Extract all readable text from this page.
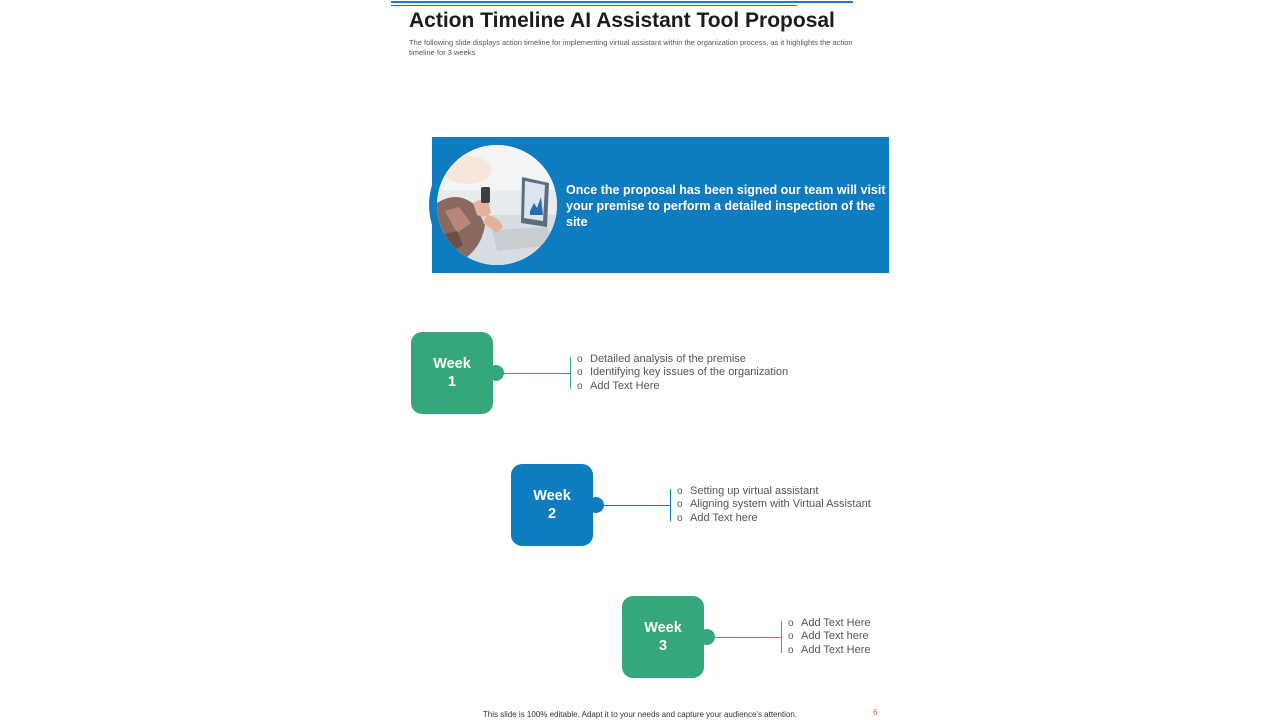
Action Timeline AI Assistant Tool Proposal
The following slide displays action timeline for implementing virtual assistant within the organization process, as it highlights the action timeline for 3 weeks
Once the proposal has been signed our team will visit your premise to perform a detailed inspection of the site
Week
1
o Detailed analysis of the premise
o Identifying key issues of the organization
o Add Text Here
Week
2
o Setting up virtual assistant
o Aligning system with Virtual Assistant
o Add Text here
Week
3
o Add Text Here
o Add Text here
o Add Text Here
This slide is 100% editable. Adapt it to your needs and capture your audience's attention.	6
